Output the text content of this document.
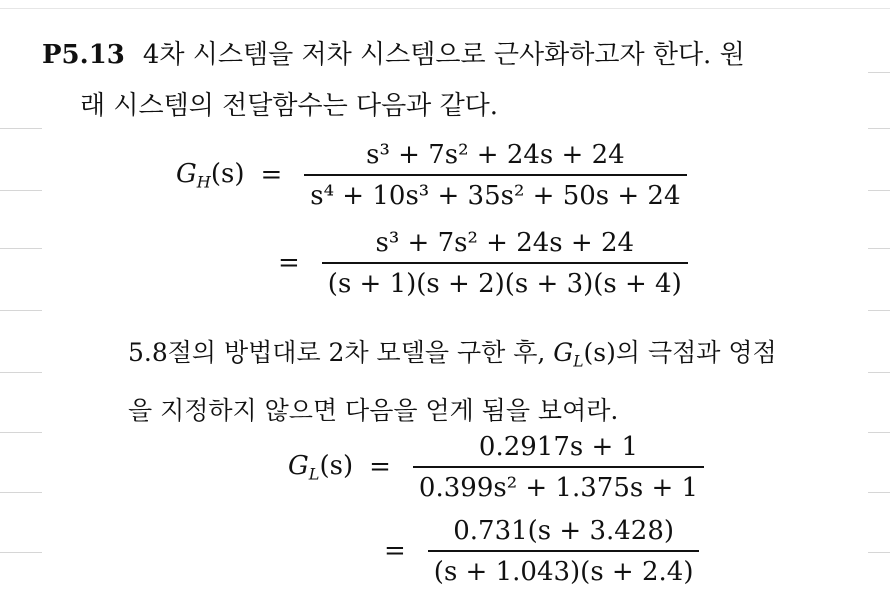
P5.13 4차 시스템을 저차 시스템으로 근사화하고자 한다. 원
래 시스템의 전달함수는 다음과 같다.
$G_H(s) = \frac{\text{s³ + 7s² + 24s + 24}}{\text{s⁴ + 10s³ + 35s² + 50s + 24}}$
= $\frac{\text{s³ + 7s² + 24s + 24}}{(s + 1)(s + 2)(s + 3)(s + 4)}$
5.8절의 방법대로 2차 모델을 구한 후, $G_L(s)$의 극점과 영점
을 지정하지 않으면 다음을 얻게 됨을 보여라.
$G_L(s) = \frac{0.2917s + 1}{\text{0.399s² + 1.375s + 1}}$
= $\frac{0.731(s + 3.428)}{(s + 1.043)(s + 2.4)}$
